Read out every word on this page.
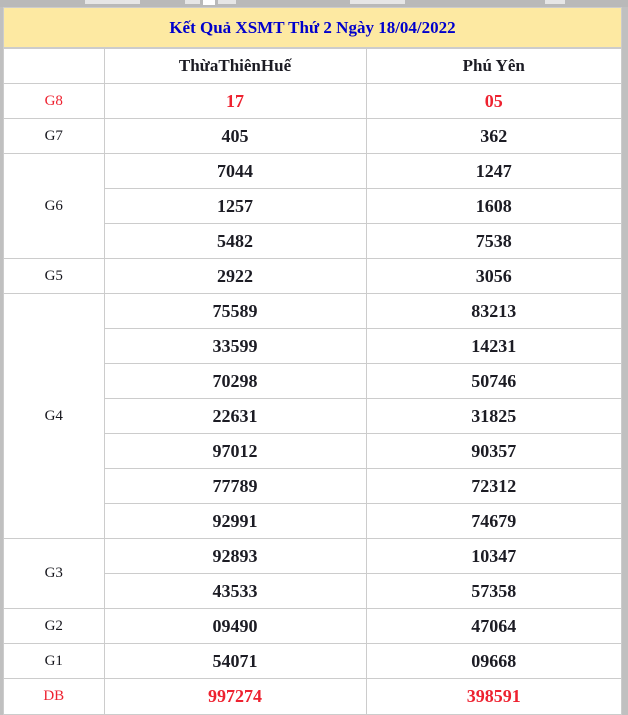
Kết Quả XSMT Thứ 2 Ngày 18/04/2022
	ThừaThiênHuế	Phú Yên
G8	17	05
G7	405	362
G6	7044	1247
	1257	1608
	5482	7538
G5	2922	3056
G4	75589	83213
	33599	14231
	70298	50746
	22631	31825
	97012	90357
	77789	72312
	92991	74679
G3	92893	10347
	43533	57358
G2	09490	47064
G1	54071	09668
DB	997274	398591
